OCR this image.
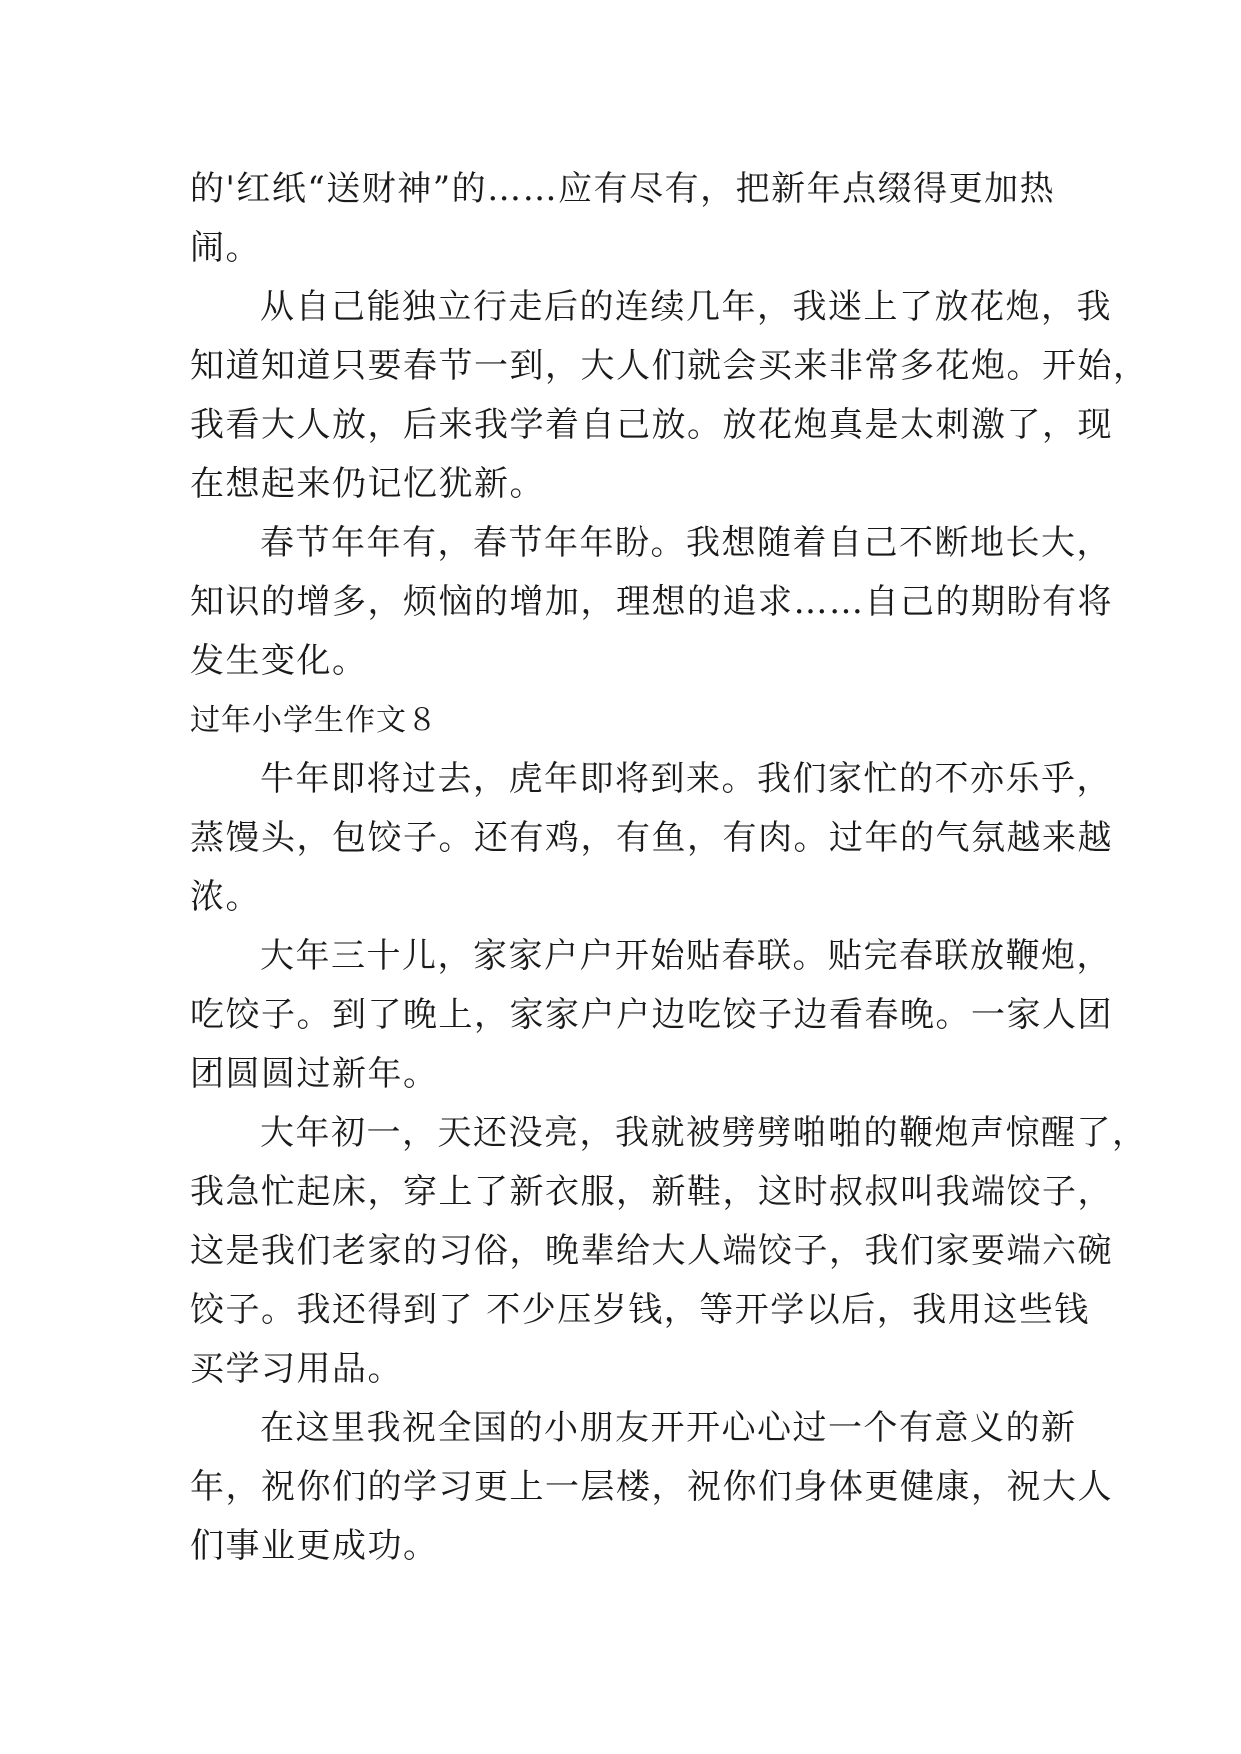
的'红纸“送财神”的……应有尽有，把新年点缀得更加热
闹。
从自己能独立行走后的连续几年，我迷上了放花炮，我
知道知道只要春节一到，大人们就会买来非常多花炮。开始，
我看大人放，后来我学着自己放。放花炮真是太刺激了，现
在想起来仍记忆犹新。
春节年年有，春节年年盼。我想随着自己不断地长大，
知识的增多，烦恼的增加，理想的追求……自己的期盼有将
发生变化。
过年小学生作文８
牛年即将过去，虎年即将到来。我们家忙的不亦乐乎，
蒸馒头，包饺子。还有鸡，有鱼，有肉。过年的气氛越来越
浓。
大年三十儿，家家户户开始贴春联。贴完春联放鞭炮，
吃饺子。到了晚上，家家户户边吃饺子边看春晚。一家人团
团圆圆过新年。
大年初一，天还没亮，我就被劈劈啪啪的鞭炮声惊醒了，
我急忙起床，穿上了新衣服，新鞋，这时叔叔叫我端饺子，
这是我们老家的习俗，晚辈给大人端饺子，我们家要端六碗
饺子。我还得到了 不少压岁钱，等开学以后，我用这些钱
买学习用品。
在这里我祝全国的小朋友开开心心过一个有意义的新
年，祝你们的学习更上一层楼，祝你们身体更健康，祝大人
们事业更成功。
